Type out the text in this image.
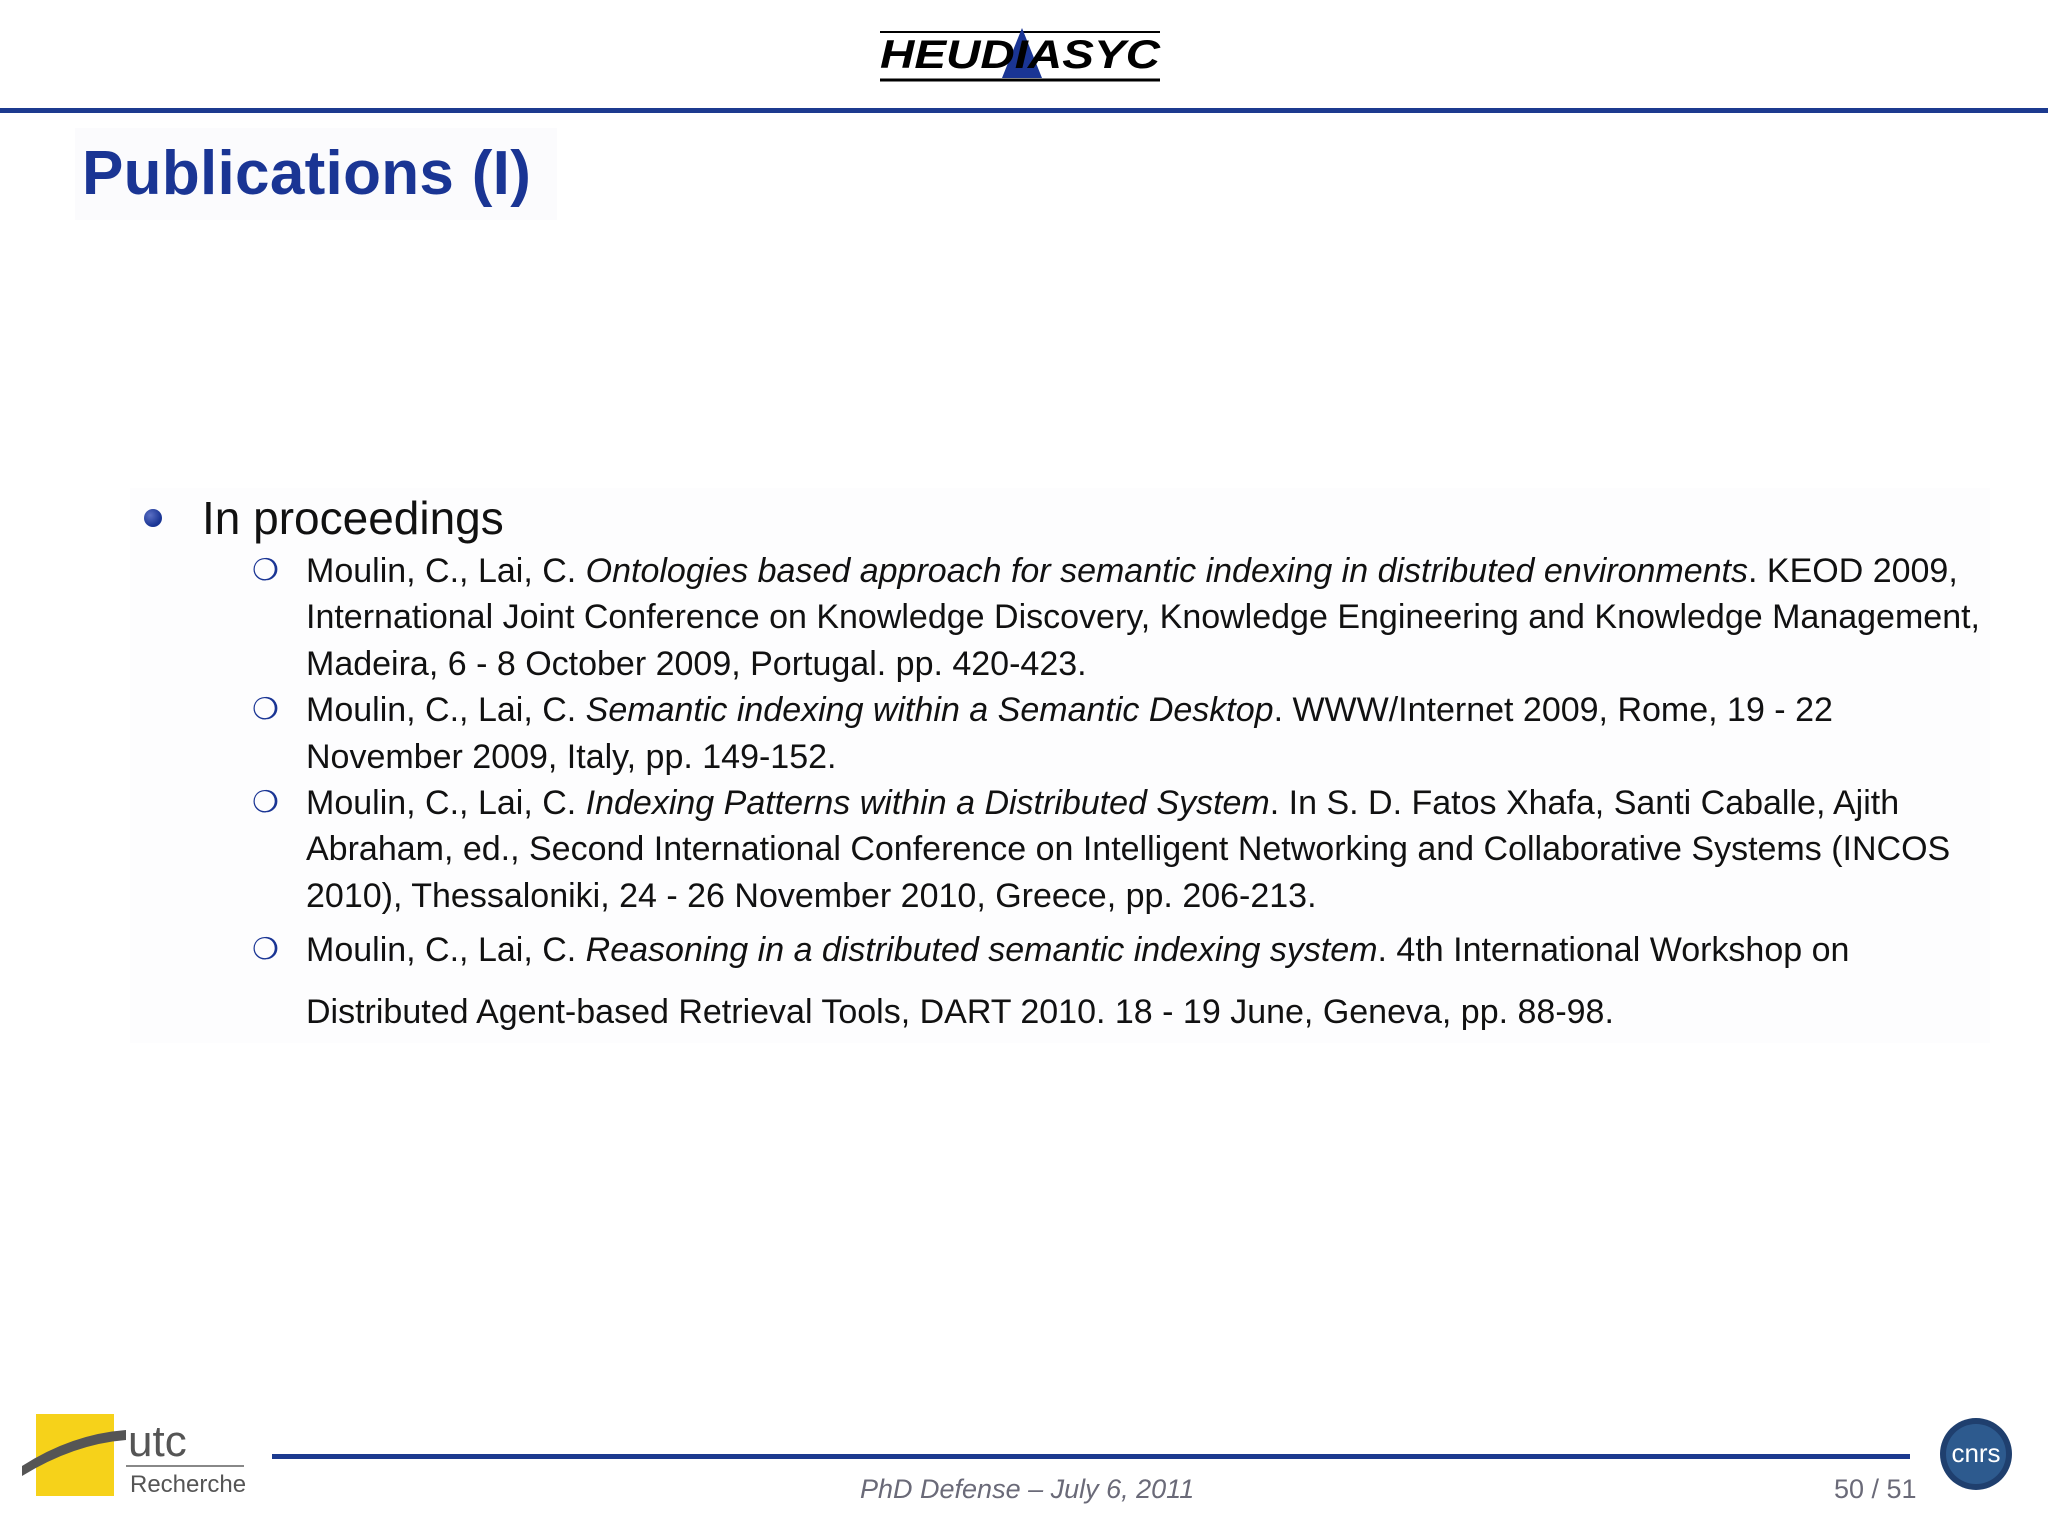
HEUDIASYC
Publications (I)
In proceedings
❍ Moulin, C., Lai, C. Ontologies based approach for semantic indexing in distributed environments. KEOD 2009, International Joint Conference on Knowledge Discovery, Knowledge Engineering and Knowledge Management, Madeira, 6 - 8 October 2009, Portugal. pp. 420-423.
❍ Moulin, C., Lai, C. Semantic indexing within a Semantic Desktop. WWW/Internet 2009, Rome, 19 - 22 November 2009, Italy, pp. 149-152.
❍ Moulin, C., Lai, C. Indexing Patterns within a Distributed System. In S. D. Fatos Xhafa, Santi Caballe, Ajith Abraham, ed., Second International Conference on Intelligent Networking and Collaborative Systems (INCOS 2010), Thessaloniki, 24 - 26 November 2010, Greece, pp. 206-213.
❍ Moulin, C., Lai, C. Reasoning in a distributed semantic indexing system. 4th International Workshop on Distributed Agent-based Retrieval Tools, DART 2010. 18 - 19 June, Geneva, pp. 88-98.
utc
Recherche	PhD Defense – July 6, 2011	50 / 51
cnrs
